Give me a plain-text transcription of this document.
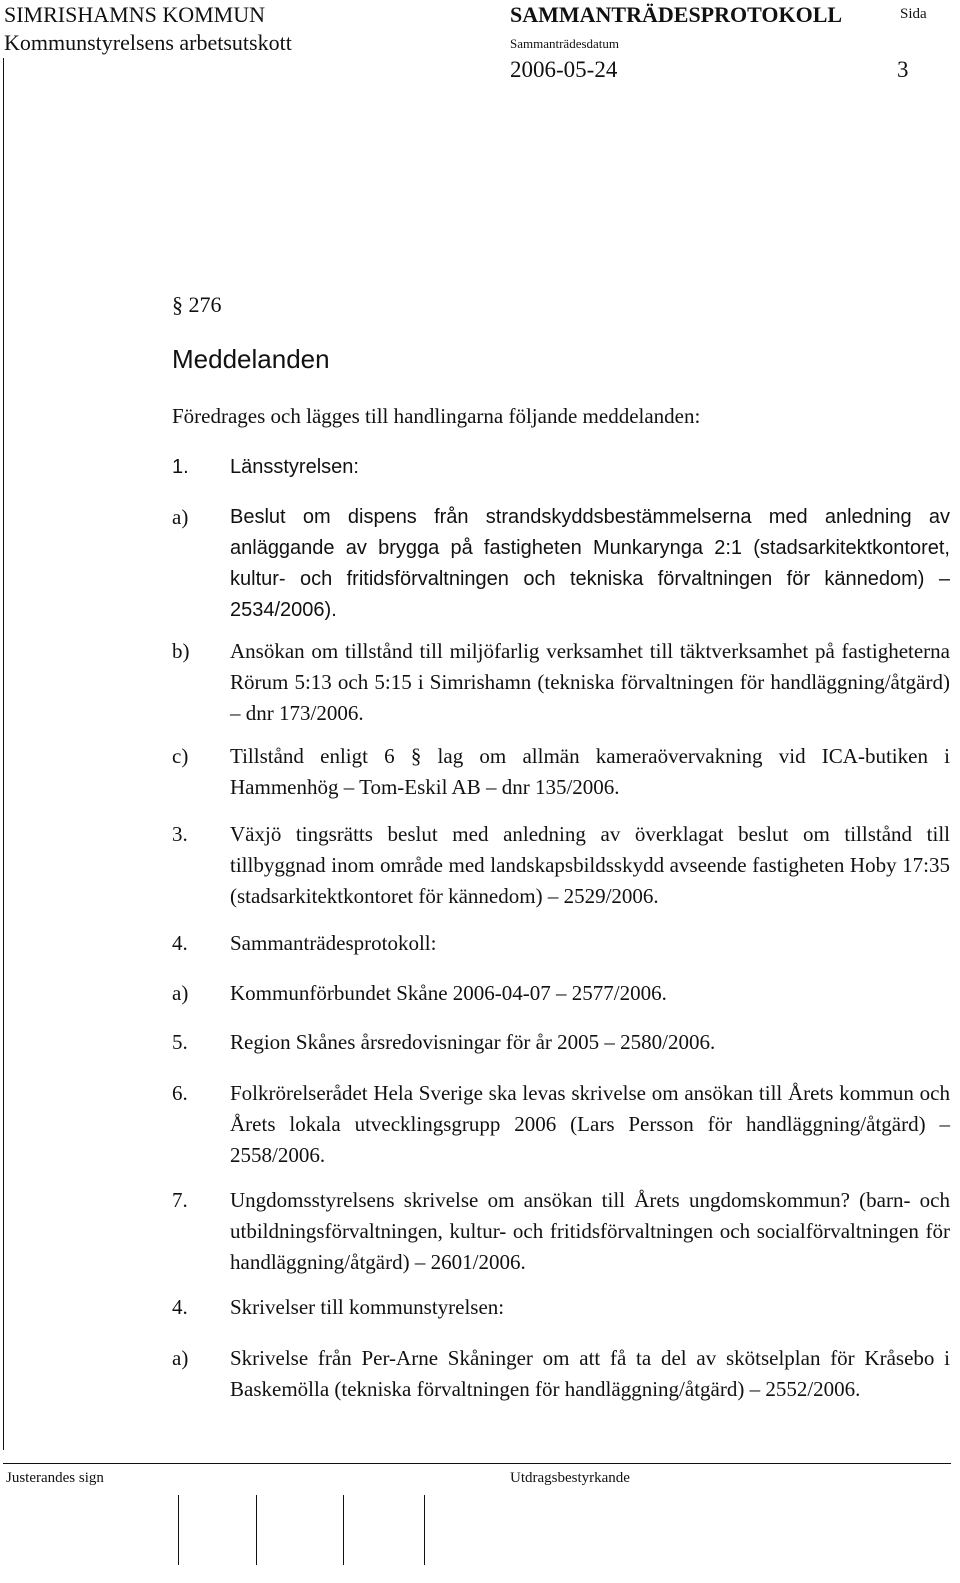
SIMRISHAMNS KOMMUN	SAMMANTRÄDESPROTOKOLL	Sida
Kommunstyrelsens arbetsutskott	Sammanträdesdatum
2006-05-24	3
§ 276
Meddelanden
Föredrages och lägges till handlingarna följande meddelanden:
1. Länsstyrelsen:
a) Beslut om dispens från strandskyddsbestämmelserna med anledning av anläggande av brygga på fastigheten Munkarynga 2:1 (stadsarkitektkontoret, kultur- och fritidsförvaltningen och tekniska förvaltningen för kännedom) – 2534/2006).
b) Ansökan om tillstånd till miljöfarlig verksamhet till täktverksamhet på fastigheterna Rörum 5:13 och 5:15 i Simrishamn (tekniska förvaltningen för handläggning/åtgärd) – dnr 173/2006.
c) Tillstånd enligt 6 § lag om allmän kameraövervakning vid ICA-butiken i Hammenhög – Tom-Eskil AB – dnr 135/2006.
3. Växjö tingsrätts beslut med anledning av överklagat beslut om tillstånd till tillbyggnad inom område med landskapsbildsskydd avseende fastigheten Hoby 17:35 (stadsarkitektkontoret för kännedom) – 2529/2006.
4. Sammanträdesprotokoll:
a) Kommunförbundet Skåne 2006-04-07 – 2577/2006.
5. Region Skånes årsredovisningar för år 2005 – 2580/2006.
6. Folkrörelserådet Hela Sverige ska levas skrivelse om ansökan till Årets kommun och Årets lokala utvecklingsgrupp 2006 (Lars Persson för handläggning/åtgärd) – 2558/2006.
7. Ungdomsstyrelsens skrivelse om ansökan till Årets ungdomskommun? (barn- och utbildningsförvaltningen, kultur- och fritidsförvaltningen och socialförvaltningen för handläggning/åtgärd) – 2601/2006.
4. Skrivelser till kommunstyrelsen:
a) Skrivelse från Per-Arne Skåninger om att få ta del av skötselplan för Kråsebo i Baskemölla (tekniska förvaltningen för handläggning/åtgärd) – 2552/2006.
Justerandes sign	Utdragsbestyrkande
